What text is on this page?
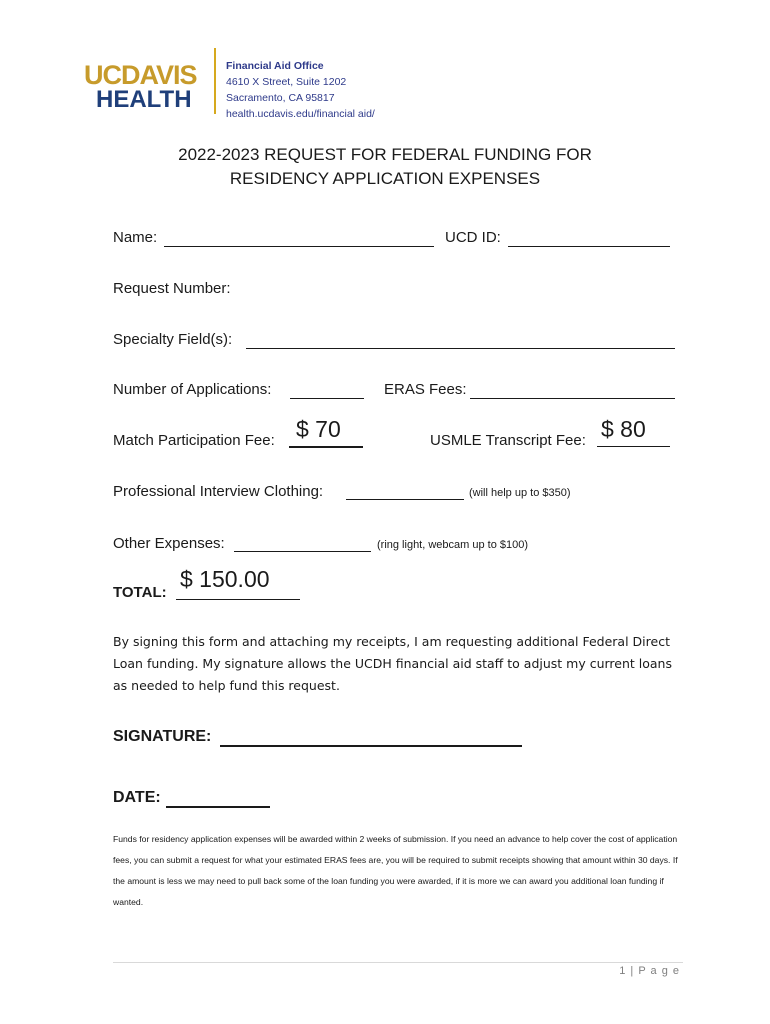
UCDAVIS
HEALTH
Financial Aid Office
4610 X Street, Suite 1202
Sacramento, CA 95817
health.ucdavis.edu/financial aid/
2022-2023 REQUEST FOR FEDERAL FUNDING FOR
RESIDENCY APPLICATION EXPENSES
Name:	UCD ID:
Request Number:
Specialty Field(s):
Number of Applications:	ERAS Fees:
Match Participation Fee: $ 70	USMLE Transcript Fee: $ 80
Professional Interview Clothing:	(will help up to $350)
Other Expenses:	(ring light, webcam up to $100)
TOTAL:
$ 150.00
By signing this form and attaching my receipts, I am requesting additional Federal Direct Loan funding. My signature allows the UCDH financial aid staff to adjust my current loans as needed to help fund this request.
SIGNATURE:
DATE:
Funds for residency application expenses will be awarded within 2 weeks of submission. If you need an advance to help cover the cost of application fees, you can submit a request for what your estimated ERAS fees are, you will be required to submit receipts showing that amount within 30 days. If the amount is less we may need to pull back some of the loan funding you were awarded, if it is more we can award you additional loan funding if wanted.
1 | P a g e
